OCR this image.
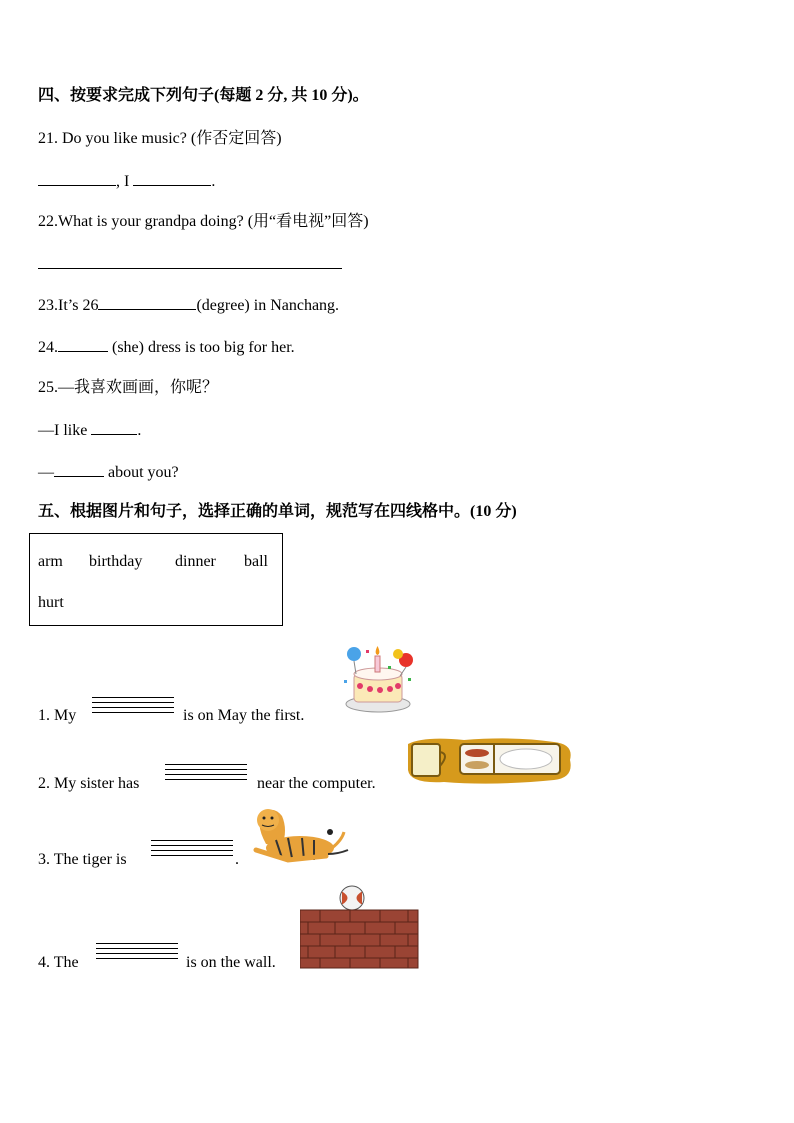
四、按要求完成下列句子(每题 2 分, 共 10 分)。
21. Do you like music? (作否定回答)
, I	.
22.What is your grandpa doing? (用“看电视”回答)
23.It’s 26	(degree) in Nanchang.
24.	(she) dress is too big for her.
25.—我喜欢画画，你呢？
—I like	.
—	about you?
五、根据图片和句子，选择正确的单词，规范写在四线格中。(10 分)
arm birthday dinner ball
hurt
1. My	is on May the first.
2. My sister has	near the computer.
3. The tiger is	.
4. The	is on the wall.
